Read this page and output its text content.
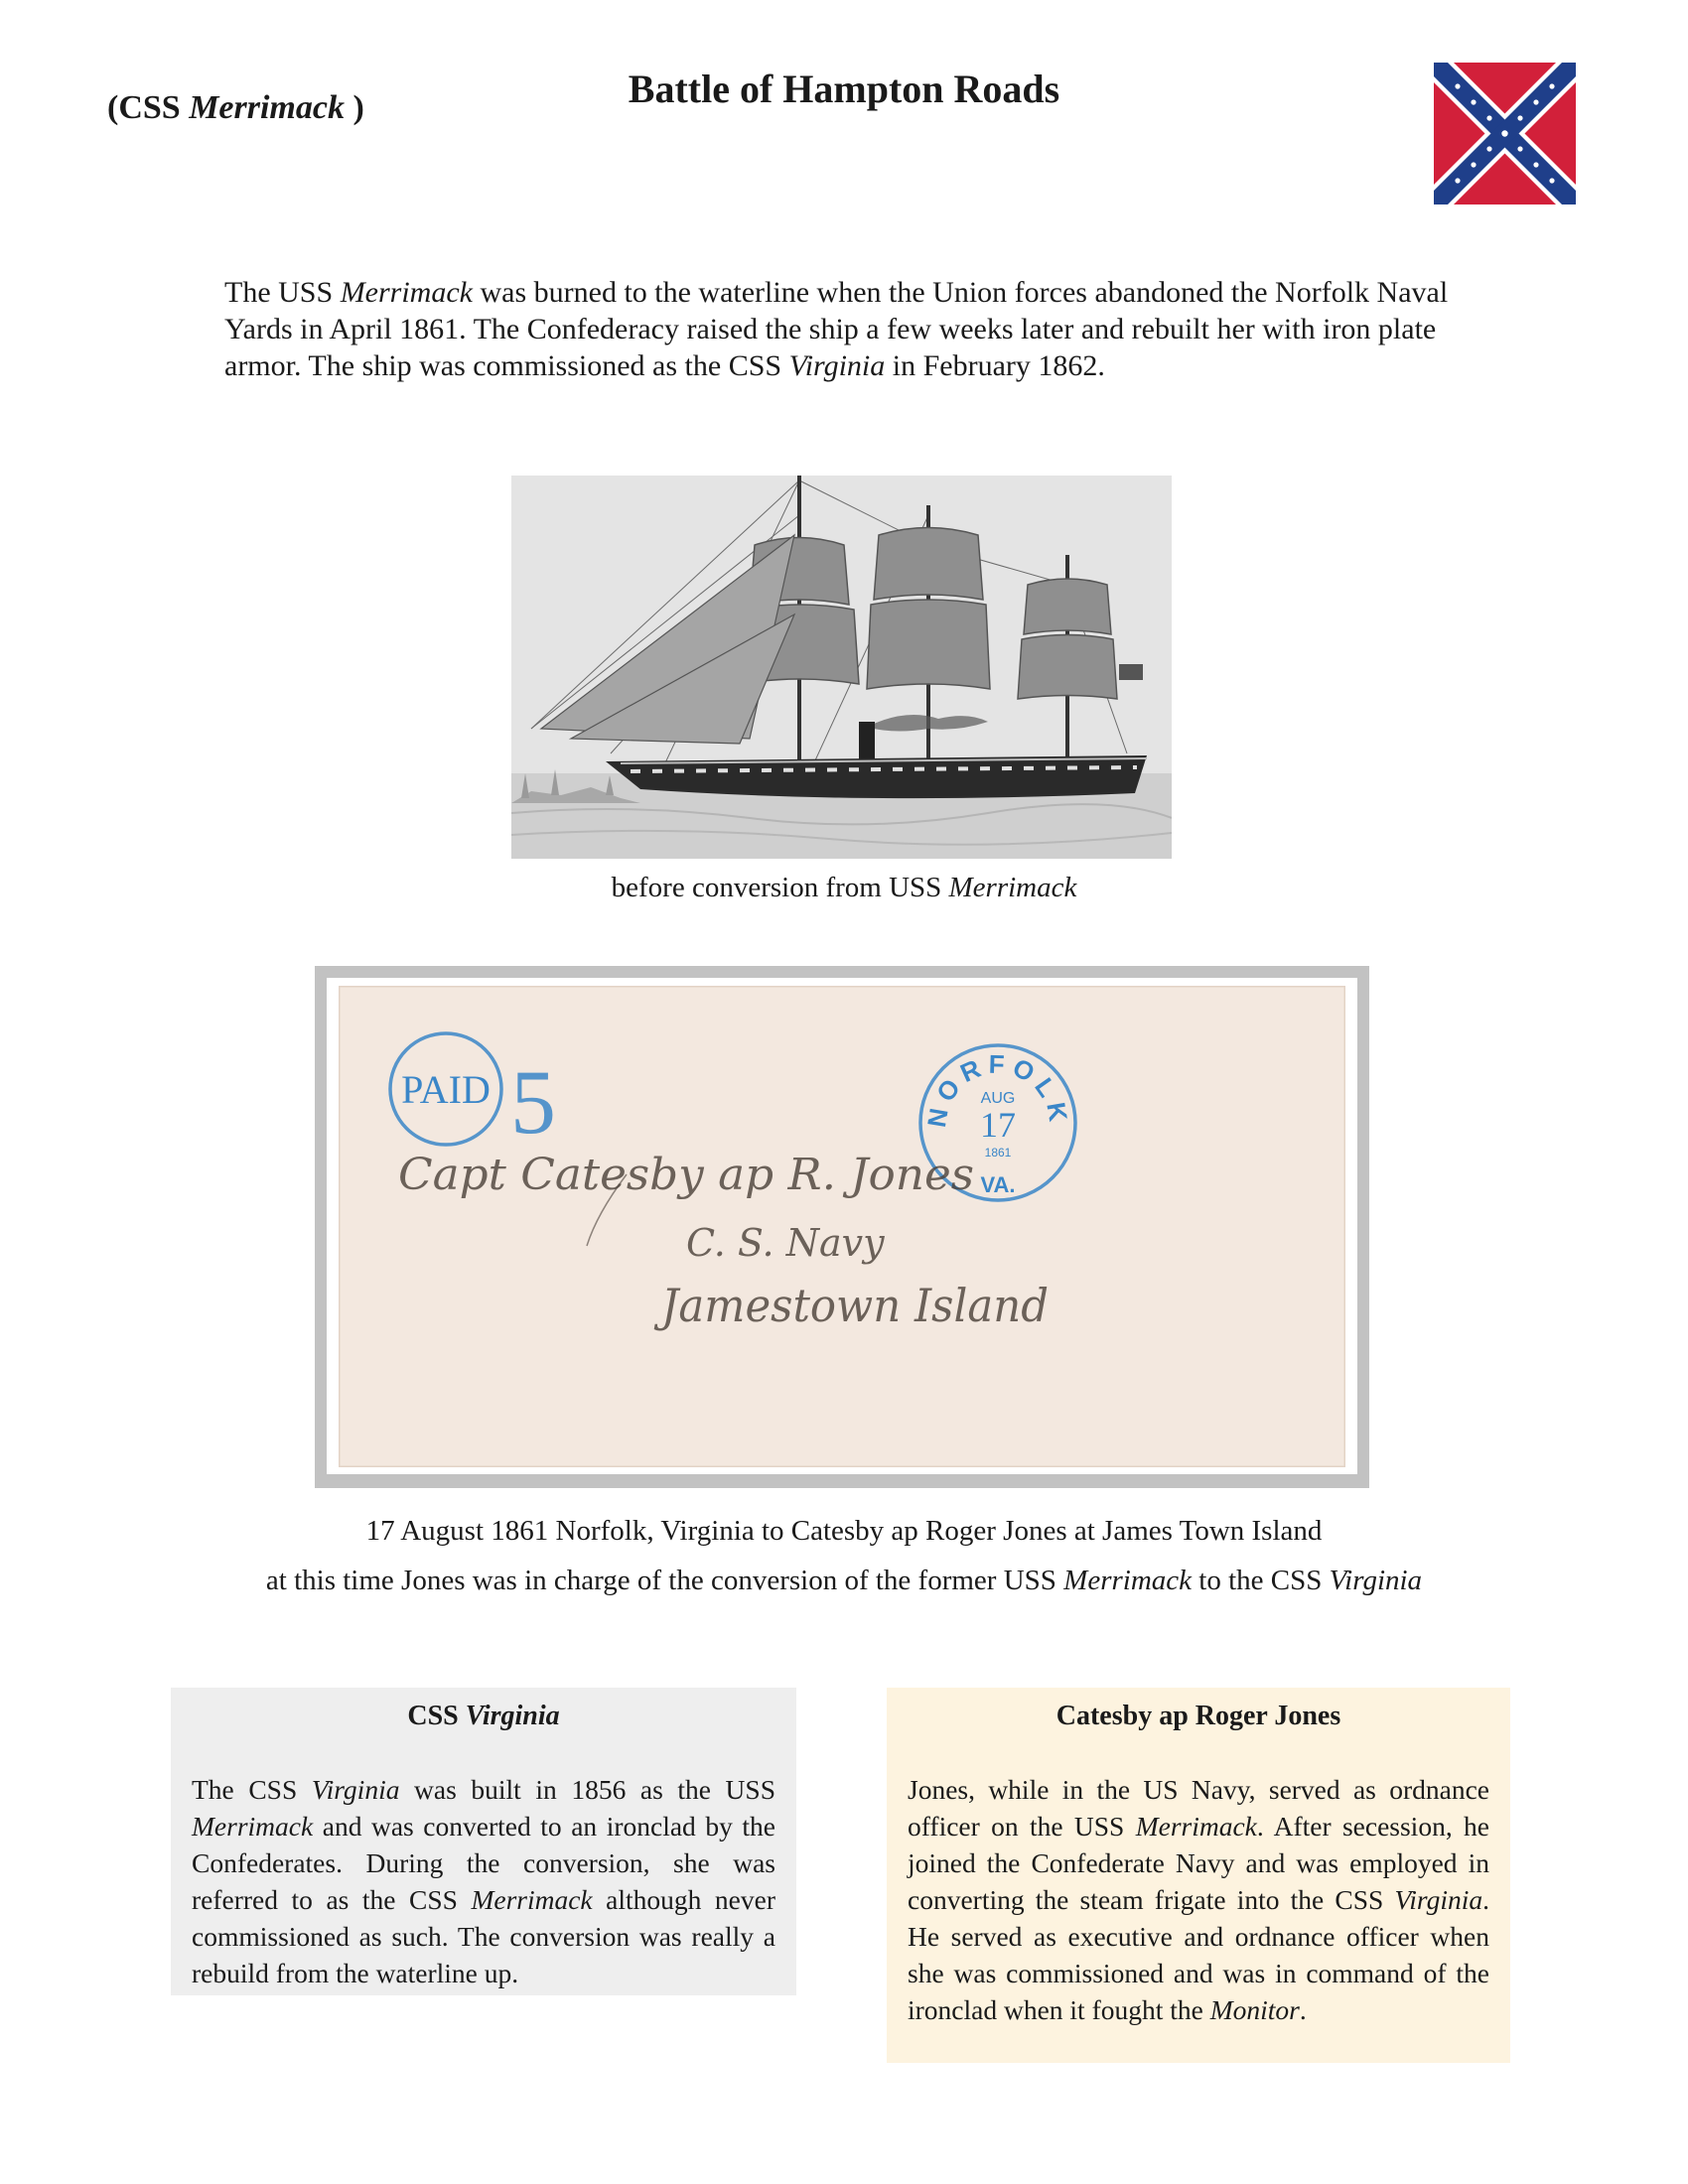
(CSS Merrimack )	Battle of Hampton Roads
The USS Merrimack was burned to the waterline when the Union forces abandoned the Norfolk Naval Yards in April 1861. The Confederacy raised the ship a few weeks later and rebuilt her with iron plate armor. The ship was commissioned as the CSS Virginia in February 1862.
before conversion from USS Merrimack
PAID 5	NORFOLK
AUG
17
1861
VA.
Capt Catesby ap R. Jones
C. S. Navy
Jamestown Island
17 August 1861 Norfolk, Virginia to Catesby ap Roger Jones at James Town Island
at this time Jones was in charge of the conversion of the former USS Merrimack to the CSS Virginia
CSS Virginia
The CSS Virginia was built in 1856 as the USS Merrimack and was converted to an ironclad by the Confederates. During the conversion, she was referred to as the CSS Merrimack although never commissioned as such. The conversion was really a rebuild from the waterline up.
Catesby ap Roger Jones
Jones, while in the US Navy, served as ordnance officer on the USS Merrimack. After secession, he joined the Confederate Navy and was employed in converting the steam frigate into the CSS Virginia. He served as executive and ordnance officer when she was commissioned and was in command of the ironclad when it fought the Monitor.
